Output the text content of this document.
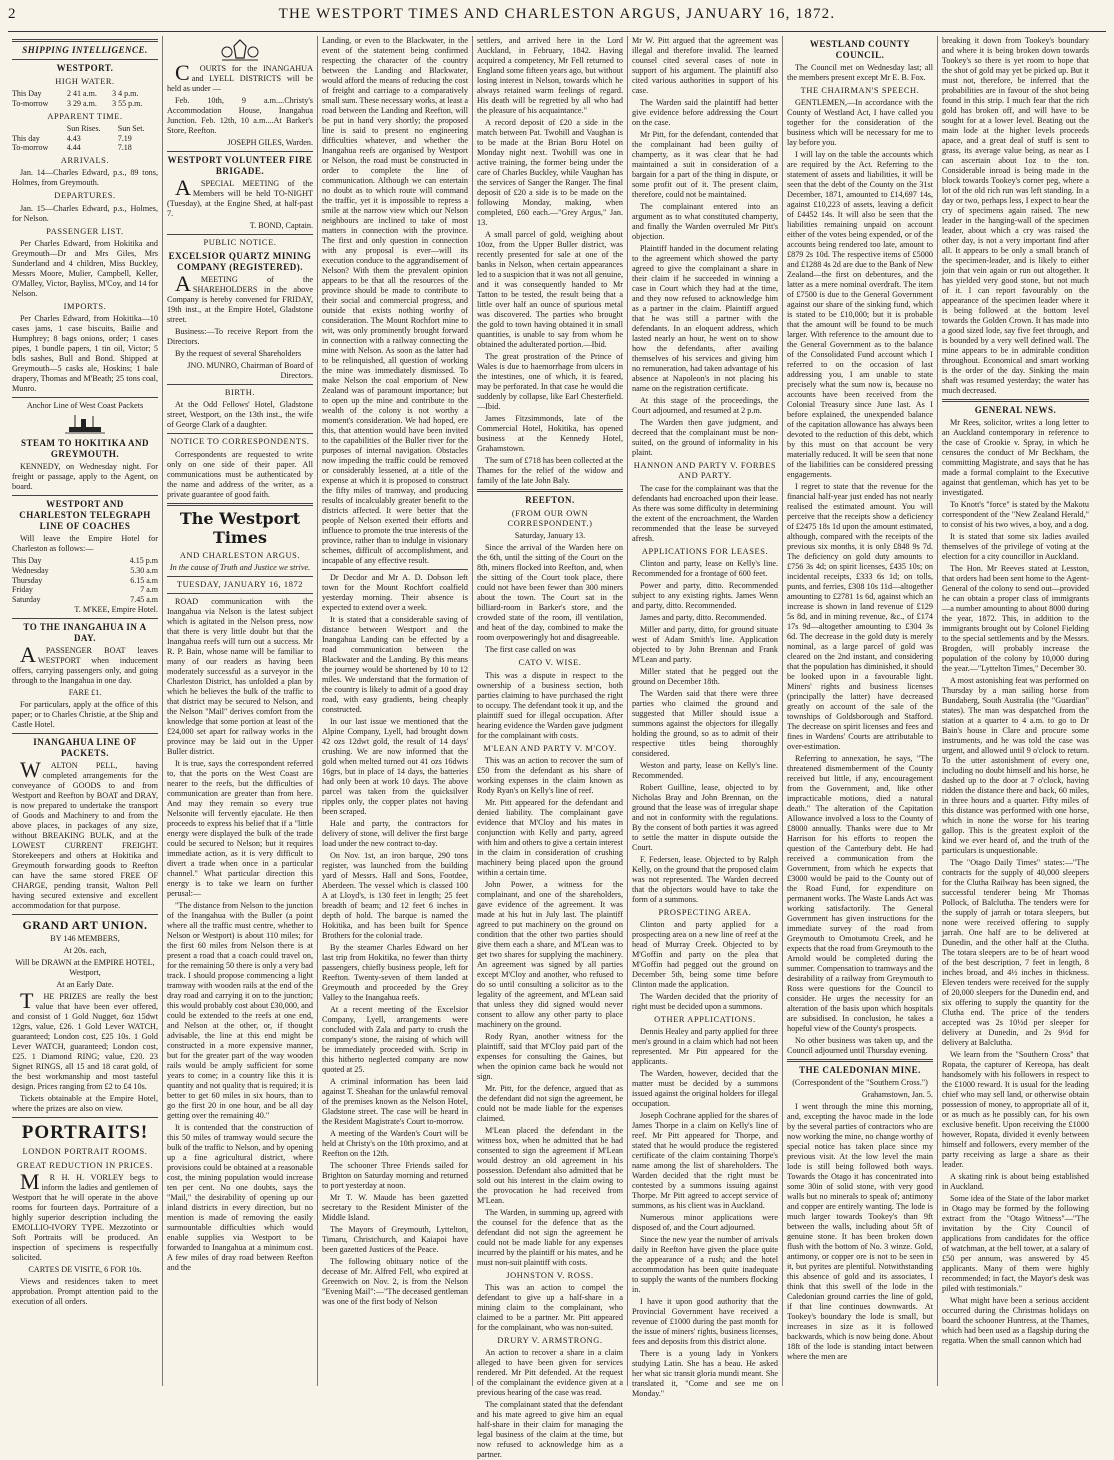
2	THE WESTPORT TIMES AND CHARLESTON ARGUS, JANUARY 16, 1872.
SHIPPING INTELLIGENCE.
WESTPORT.
HIGH WATER.
This Day	2 41 a.m.	3 4 p.m.
To-morrow	3 29 a.m.	3 55 p.m.
APPARENT TIME.
	Sun Rises.	Sun Set.
This day	4.43	7.19
To-morrow	4.44	7.18
ARRIVALS.

Jan. 14—Charles Edward, p.s., 89 tons, Holmes, from Greymouth.

DEPARTURES.

Jan. 15—Charles Edward, p.s., Holmes, for Nelson.

PASSENGER LIST.

Per Charles Edward, from Hokitika and Greymouth—Dr and Mrs Giles, Mrs Sunderland and 4 children, Miss Buckley, Messrs Moore, Mulier, Campbell, Keller, O'Malley, Victor, Bayliss, M'Coy, and 14 for Nelson.

IMPORTS.

Per Charles Edward, from Hokitika—10 cases jams, 1 case biscuits, Bailie and Humphrey; 8 bags onions, order; 1 cases pipes, 1 bundle papers, 1 tin oil, Victor; 5 bdls sashes, Bull and Bond. Shipped at Greymouth—5 casks ale, Hoskins; 1 bale drapery, Thomas and M'Beath; 25 tons coal, Munro.

Anchor Line of West Coast Packets

STEAM TO HOKITIKA AND GREYMOUTH.

KENNEDY, on Wednesday night. For freight or passage, apply to the Agent, on board.

WESTPORT AND CHARLESTON TELEGRAPH LINE OF COACHES

Will leave the Empire Hotel for Charleston as follows:—

This Day	4.15 p.m
Wednesday	5.30 a.m
Thursday	6.15 a.m
Friday	7 a.m
Saturday	7.45 a.m

T. M'KEE, Empire Hotel.

TO THE INANGAHUA IN A DAY.

APASSENGER BOAT leaves WESTPORT when inducement offers, carrying passengers only, and going through to the Inangahua in one day.

FARE £1.

For particulars, apply at the office of this paper; or to Charles Christie, at the Ship and Castle Hotel.

INANGAHUA LINE OF PACKETS.

WALTON PELL, having completed arrangements for the conveyance of GOODS to and from Westport and Reefton by BOAT and DRAY, is now prepared to undertake the transport of Goods and Machinery to and from the above places, in packages of any size, without BREAKING BULK, and at the LOWEST CURRENT FREIGHT. Storekeepers and others at Hokitika and Greymouth forwarding goods to Reefton can have the same stored FREE OF CHARGE, pending transit, Walton Pell having secured extensive and excellent accommodation for that purpose.

GRAND ART UNION.

BY 146 MEMBERS,

At 20s. each,

Will be DRAWN at the EMPIRE HOTEL, Westport,

At an Early Date.

THE PRIZES are really the best value that have been ever offered, and consist of 1 Gold Nugget, 6oz 15dwt 12grs, value, £26. 1 Gold Lever WATCH, guaranteed; London cost, £25 10s. 1 Gold Lever WATCH, guaranteed; London cost, £25. 1 Diamond RING; value, £20. 23 Signet RINGS, all 15 and 18 carat gold, of the best workmanship and most tasteful design. Prices ranging from £2 to £4 10s.

Tickets obtainable at the Empire Hotel, where the prizes are also on view.

PORTRAITS!
LONDON PORTRAIT ROOMS.
GREAT REDUCTION IN PRICES.

MR H. H. VORLEY begs to inform the ladies and gentlemen of Westport that he will operate in the above rooms for fourteen days. Portraiture of a highly superior description including the EMOLLIO-IVORY TYPE. Mezzotinto or Soft Portraits will be produced. An inspection of specimens is respectfully solicited.

CARTES DE VISITE, 6 FOR 10s.

Views and residences taken to meet approbation. Prompt attention paid to the execution of all orders.

COURTS for the INANGAHUA and LYELL DISTRICTS will be held as under —

Feb. 10th, 9 a.m....Christy's Accommodation House, Inangahua Junction. Feb. 12th, 10 a.m....At Barker's Store, Reefton.

JOSEPH GILES, Warden.

WESTPORT VOLUNTEER FIRE BRIGADE.

ASPECIAL MEETING of the Members will be held TO-NIGHT (Tuesday), at the Engine Shed, at half-past 7.

T. BOND, Captain.

PUBLIC NOTICE.
EXCELSIOR QUARTZ MINING COMPANY (REGISTERED).

AMEETING of the SHAREHOLDERS in the above Company is hereby convened for FRIDAY, 19th inst., at the Empire Hotel, Gladstone street.

Business:—To receive Report from the Directors.

By the request of several Shareholders

JNO. MUNRO, Chairman of Board of Directors.

BIRTH.

At the Odd Fellows' Hotel, Gladstone street, Westport, on the 13th inst., the wife of George Clark of a daughter.

NOTICE TO CORRESPONDENTS.

Correspondents are requested to write only on one side of their paper. All communications must be authenticated by the name and address of the writer, as a private guarantee of good faith.

The Westport Times
AND CHARLESTON ARGUS.

In the cause of Truth and Justice we strive.

TUESDAY, JANUARY 16, 1872

ROAD communication with the Inangahua via Nelson is the latest subject which is agitated in the Nelson press, now that there is very little doubt but that the Inangahua reefs will turn out a success. Mr R. P. Bain, whose name will be familiar to many of our readers as having been moderately successful as a surveyor in the Charleston District, has unfolded a plan by which he believes the bulk of the traffic to that district may be secured to Nelson, and the Nelson "Mail" derives comfort from the knowledge that some portion at least of the £24,000 set apart for railway works in the province may be laid out in the Upper Buller district.

It is true, says the correspondent referred to, that the ports on the West Coast are nearer to the reefs, but the difficulties of communication are greater than from here. And may they remain so every true Nelsonite will fervently ejaculate. He then proceeds to express his belief that if a "little energy were displayed the bulk of the trade could be secured to Nelson; but it requires immediate action, as it is very difficult to divert a trade when once in a particular channel." What particular direction this energy is to take we learn on further perusal:—

"The distance from Nelson to the junction of the Inangahua with the Buller (a point where all the traffic must centre, whether to Nelson or Westport) is about 110 miles; for the first 60 miles from Nelson there is at present a road that a coach could travel on, for the remaining 50 there is only a very bad track. I should propose commencing a light tramway with wooden rails at the end of the dray road and carrying it on to the junction; this would probably cost about £30,000, and could be extended to the reefs at one end, and Nelson at the other, or, if thought advisable, the line at this end might be constructed in a more expensive manner, but for the greater part of the way wooden rails would be amply sufficient for some years to come; in a country like this it is quantity and not quality that is required; it is better to get 60 miles in six hours, than to go the first 20 in one hour, and be all day getting over the remaining 40."

It is contended that the construction of this 50 miles of tramway would secure the bulk of the traffic to Nelson, and by opening up a fine agricultural district, where provisions could be obtained at a reasonable cost, the mining population would increase ten per cent. No one doubts, says the "Mail," the desirability of opening up our inland districts in every direction, but no mention is made of removing the easily surmountable difficulties which would enable supplies via Westport to be forwarded to Inangahua at a minimum cost. A few miles of dray road between Reefton and the

Landing, or even to the Blackwater, in the event of the statement being confirmed respecting the character of the country between the Landing and Blackwater, would afford the means of reducing the cost of freight and carriage to a comparatively small sum. These necessary works, at least a road between the Landing and Reefton, will be put in hand very shortly; the proposed line is said to present no engineering difficulties whatever, and whether the Inangahua reefs are organised by Westport or Nelson, the road must be constructed in order to complete the line of communication. Although we can entertain no doubt as to which route will command the traffic, yet it is impossible to repress a smile at the narrow view which our Nelson neighbours are inclined to take of most matters in connection with the province. The first and only question in connection with any proposal is ever—will its execution conduce to the aggrandisement of Nelson? With them the prevalent opinion appears to be that all the resources of the province should be made to contribute to their social and commercial progress, and outside that exists nothing worthy of consideration. The Mount Rochfort mine to wit, was only prominently brought forward in connection with a railway connecting the mine with Nelson. As soon as the latter had to be relinquished, all question of working the mine was immediately dismissed. To make Nelson the coal emporium of New Zealand was of paramount importance; but to open up the mine and contribute to the wealth of the colony is not worthy a moment's consideration. We had hoped, ere this, that attention would have been invited to the capabilities of the Buller river for the purposes of internal navigation. Obstacles now impeding the traffic could be removed or considerably lessened, at a title of the expense at which it is proposed to construct the fifty miles of tramway, and producing results of incalculably greater benefit to the districts affected. It were better that the people of Nelson exerted their efforts and influence to promote the true interests of the province, rather than to indulge in visionary schemes, difficult of accomplishment, and incapable of any effective result.

Dr Decdor and Mr A. D. Dobson left town for the Mount Rochfort coalfield yesterday morning. Their absence is expected to extend over a week.

It is stated that a considerable saving of distance between Westport and the Inangahua Landing can be effected by a road communication between the Blackwater and the Landing. By this means the journey would be shortened by 10 to 12 miles. We understand that the formation of the country is likely to admit of a good dray road, with easy gradients, being cheaply constructed.

In our last issue we mentioned that the Alpine Company, Lyell, had brought down 42 ozs 12dwt gold, the result of 14 days' crushing. We are now informed that the gold when melted turned out 41 ozs 16dwts 16grs, but in place of 14 days, the batteries had only been at work 10 days. The above parcel was taken from the quicksilver ripples only, the copper plates not having been scraped.

Hale and party, the contractors for delivery of stone, will deliver the first barge load under the new contract to-day.

On Nov. 1st, an iron barque, 290 tons register, was launched from the building yard of Messrs. Hall and Sons, Footdee, Aberdeen. The vessel which is classed 100 A at Lloyd's, is 130 feet in length; 25 feet breadth of beam; and 12 feet 6 inches in depth of hold. The barque is named the Hokitika, and has been built for Spence Brothers for the colonial trade.

By the steamer Charles Edward on her last trip from Hokitika, no fewer than thirty passengers, chiefly business people, left for Reefton. Twenty-seven of them landed at Greymouth and proceeded by the Grey Valley to the Inangahua reefs.

At a recent meeting of the Excelsior Company, Lyell, arrangements were concluded with Zala and party to crush the company's stone, the raising of which will be immediately proceeded with. Scrip in this hitherto neglected company are now quoted at 25.

A criminal information has been laid against T. Sheahan for the unlawful removal of the premises known as the Nelson Hotel, Gladstone street. The case will be heard in the Resident Magistrate's Court to-morrow.

A meeting of the Warden's Court will be held at Christy's on the 10th proximo, and at Reefton on the 12th.

The schooner Three Friends sailed for Brighton on Saturday morning and returned to port yesterday at noon.

Mr T. W. Maude has been gazetted secretary to the Resident Minister of the Middle Island.

The Mayors of Greymouth, Lyttelton, Timaru, Christchurch, and Kaiapoi have been gazetted Justices of the Peace.

The following obituary notice of the decease of Mr. Alfred Fell, who expired at Greenwich on Nov. 2, is from the Nelson "Evening Mail":—"The deceased gentleman was one of the first body of Nelson

settlers, and arrived here in the Lord Auckland, in February, 1842. Having acquired a competency, Mr Fell returned to England some fifteen years ago, but without losing interest in Nelson, towards which he always retained warm feelings of regard. His death will be regretted by all who had the pleasure of his acquaintance."

A record deposit of £20 a side in the match between Pat. Twohill and Vaughan is to be made at the Brian Boru Hotel on Monday night next. Twohill was one in active training, the former being under the care of Charles Buckley, while Vaughan has the services of Sanger the Ranger. The final deposit of £20 a side is to be made on the following Monday, making, when completed, £60 each.—"Grey Argus," Jan. 13.

A small parcel of gold, weighing about 10oz, from the Upper Buller district, was recently presented for sale at one of the banks in Nelson, when certain appearances led to a suspicion that it was not all genuine, and it was consequently handed to Mr Tatton to be tested, the result being that a little over half an ounce of spurious metal was discovered. The parties who brought the gold to town having obtained it in small quantities, is unable to say from whom he obtained the adulterated portion.—Ibid.

The great prostration of the Prince of Wales is due to haemorrhage from ulcers in the intestines, one of which, it is feared, may be perforated. In that case he would die suddenly by collapse, like Earl Chesterfield.—Ibid.

James Fitzsimmonds, late of the Commercial Hotel, Hokitika, has opened business at the Kennedy Hotel, Grahamstown.

The sum of £718 has been collected at the Thames for the relief of the widow and family of the late John Baly.

REEFTON.
(FROM OUR OWN CORRESPONDENT.)

Saturday, January 13.

Since the arrival of the Warden here on the 6th, until the sitting of the Court on the 8th, miners flocked into Reefton, and, when the sitting of the Court took place, there could not have been fewer than 300 miners about the town. The Court sat in the billiard-room in Barker's store, and the crowded state of the room, ill ventilation, and heat of the day, combined to make the room overpoweringly hot and disagreeable.

The first case called on was

CATO V. WISE.

This was a dispute in respect to the ownership of a business section, both parties claiming to have purchased the right to occupy. The defendant took it up, and the plaintiff sued for illegal occupation. After hearing evidence the Warden gave judgment for the complainant with costs.

M'LEAN AND PARTY V. M'COY.

This was an action to recover the sum of £50 from the defendant as his share of working expenses in the claim known as Rody Ryan's on Kelly's line of reef.

Mr. Pitt appeared for the defendant and denied liability. The complainant gave evidence that M'Cloy and his mates in conjunction with Kelly and party, agreed with him and others to give a certain interest in the claim in consideration of crushing machinery being placed upon the ground within a certain time.

John Power, a witness for the complainant, and one of the shareholders, gave evidence of the agreement. It was made at his hut in July last. The plaintiff agreed to put machinery on the ground on condition that the other two parties should give them each a share, and M'Lean was to get two shares for supplying the machinery. An agreement was signed by all parties except M'Cloy and another, who refused to do so until consulting a solicitor as to the legality of the agreement, and M'Lean said that unless they did signed would never consent to allow any other party to place machinery on the ground.

Rody Ryan, another witness for the plaintiff, said that M'Cloy paid part of the expenses for consulting the Gaines, but when the opinion came back he would not sign.

Mr. Pitt, for the defence, argued that as the defendant did not sign the agreement, he could not be made liable for the expenses claimed.

M'Lean placed the defendant in the witness box, when he admitted that he had consented to sign the agreement if M'Lean would destroy an old agreement in his possession. Defendant also admitted that he sold out his interest in the claim owing to the provocation he had received from M'Lean.

The Warden, in summing up, agreed with the counsel for the defence that as the defendant did not sign the agreement he could not be made liable for any expenses incurred by the plaintiff or his mates, and he must non-suit plaintiff with costs.

JOHNSTON V. ROSS.

This was an action to compel the defendant to give up a half-share in a mining claim to the complainant, who claimed to be a partner. Mr. Pitt appeared for the complainant, who was non-suited.

DRURY V. ARMSTRONG.

An action to recover a share in a claim alleged to have been given for services rendered. Mr Pitt defended. At the request of the complainant the evidence given at a previous hearing of the case was read.

The complainant stated that the defendant and his mate agreed to give him an equal half-share in their claim for managing the legal business of the claim at the time, but now refused to acknowledge him as a partner.

Mr W. Pitt argued that the agreement was illegal and therefore invalid. The learned counsel cited several cases of note in support of his argument. The plaintiff also cited various authorities in support of his case.

The Warden said the plaintiff had better give evidence before addressing the Court on the case.

Mr Pitt, for the defendant, contended that the complainant had been guilty of champerty, as it was clear that he had maintained a suit in consideration of a bargain for a part of the thing in dispute, or some profit out of it. The present claim, therefore, could not be maintained.

The complainant entered into an argument as to what constituted champerty, and finally the Warden overruled Mr Pitt's objection.

Plaintiff handed in the document relating to the agreement which showed the party agreed to give the complainant a share in their claim if he succeeded in winning a case in Court which they had at the time, and they now refused to acknowledge him as a partner in the claim. Plaintiff argued that he was still a partner with the defendants. In an eloquent address, which lasted nearly an hour, he went on to show how the defendants, after availing themselves of his services and giving him no remuneration, had taken advantage of his absence at Napoleon's in not placing his name on the registration certificate.

At this stage of the proceedings, the Court adjourned, and resumed at 2 p.m.

The Warden then gave judgment, and decreed that the complainant must be non-suited, on the ground of informality in his plaint.

HANNON AND PARTY V. FORBES AND PARTY.

The case for the complainant was that the defendants had encroached upon their lease. As there was some difficulty in determining the extent of the encroachment, the Warden recommended that the lease be surveyed afresh.

APPLICATIONS FOR LEASES.

Clinton and party, lease on Kelly's line. Recommended for a frontage of 600 feet.

Power and party, ditto. Recommended subject to any existing rights. James Wenn and party, ditto. Recommended.

James and party, ditto. Recommended.

Miller and party, ditto, for ground situate west of Adam Smith's line. Application objected to by John Brennan and Frank M'Lean and party.

Miller stated that he pegged out the ground on December 18th.

The Warden said that there were three parties who claimed the ground and suggested that Miller should issue a summons against the objectors for illegally holding the ground, so as to admit of their respective titles being thoroughly considered.

Weston and party, lease on Kelly's line. Recommended.

Robert Guilline, lease, objected to by Nicholas Bray and John Brennan, on the ground that the lease was of irregular shape and not in conformity with the regulations. By the consent of both parties it was agreed to settle the matter in dispute outside the Court.

F. Federsen, lease. Objected to by Ralph Kelly, on the ground that the proposed claim was not represented. The Warden decreed that the objectors would have to take the form of a summons.

PROSPECTING AREA.

Clinton and party applied for a prospecting area on a new line of reef at the head of Murray Creek. Objected to by M'Goffin and party on the plea that M'Goffin had pegged out the ground on December 5th, being some time before Clinton made the application.

The Warden decided that the priority of right must be decided upon a summons.

OTHER APPLICATIONS.

Dennis Healey and party applied for three men's ground in a claim which had not been represented. Mr Pitt appeared for the applicants.

The Warden, however, decided that the matter must be decided by a summons issued against the original holders for illegal occupation.

Joseph Cochrane applied for the shares of James Thorpe in a claim on Kelly's line of reef. Mr Pitt appeared for Thorpe, and stated that he would produce the registered certificate of the claim containing Thorpe's name among the list of shareholders. The Warden decided that the right must be contested by a summons issuing against Thorpe. Mr Pitt agreed to accept service of summons, as his client was in Auckland.

Numerous minor applications were disposed of, and the Court adjourned.

Since the new year the number of arrivals daily in Reefton have given the place quite the appearance of a rush; and the hotel accommodation has been quite inadequate to supply the wants of the numbers flocking in.

I have it upon good authority that the Provincial Government have received a revenue of £1000 during the past month for the issue of miners' rights, business licenses, fees and deposits from this district alone.

There is a young lady in Yonkers studying Latin. She has a beau. He asked her what sic transit gloria mundi meant. She translated it, "Come and see me on Monday."

WESTLAND COUNTY COUNCIL.

The Council met on Wednesday last; all the members present except Mr E. B. Fox.

THE CHAIRMAN'S SPEECH.

GENTLEMEN,—In accordance with the County of Westland Act, I have called you together for the consideration of the business which will be necessary for me to lay before you.

I will lay on the table the accounts which are required by the Act. Referring to the statement of assets and liabilities, it will be seen that the debt of the County on the 31st December, 1871, amounted to £14,697 14s, against £10,223 of assets, leaving a deficit of £4452 14s. It will also be seen that the liabilities remaining unpaid on account either of the votes being expended, or of the accounts being rendered too late, amount to £879 2s 10d. The respective items of £5000 and £1288 4s 2d are due to the Bank of New Zealand—the first on debentures, and the latter as a mere nominal overdraft. The item of £7500 is due to the General Government against our share of the sinking fund, which is stated to be £10,000; but it is probable that the amount will be found to be much larger. With reference to the amount due to the General Government as to the balance of the Consolidated Fund account which I referred to on the occasion of last addressing you, I am unable to state precisely what the sum now is, because no accounts have been received from the Colonial Treasury since June last. As I before explained, the unexpended balance of the capitation allowance has always been devoted to the reduction of this debt, which by this must on that account be very materially reduced. It will be seen that none of the liabilities can be considered pressing engagements.

I regret to state that the revenue for the financial half-year just ended has not nearly realised the estimated amount. You will perceive that the receipts show a deficiency of £2475 18s 1d upon the amount estimated, although, compared with the receipts of the previous six months, it is only £848 9s 7d. The deficiency on gold duty amounts to £756 3s 4d; on spirit licenses, £435 10s; on incidental receipts, £333 6s 1d; on tolls, punts, and ferries, £308 10s 11d—altogether amounting to £2781 1s 6d, against which an increase is shown in land revenue of £129 5s 8d, and in mining revenue, &c., of £174 17s 9d—altogether amounting to £304 3s 6d. The decrease in the gold duty is merely nominal, as a large parcel of gold was cleared on the 2nd instant, and considering that the population has diminished, it should be looked upon in a favourable light. Miners' rights and business licenses (principally the latter) have decreased greatly on account of the sale of the townships of Goldsborough and Stafford. The decrease on spirit licenses and fees and fines in Wardens' Courts are attributable to over-estimation.

Referring to annexation, he says, "The threatened dismemberment of the County received but little, if any, encouragement from the Government, and, like other impracticable motions, died a natural death." The alteration of the Capitation Allowance involved a loss to the County of £8000 annually. Thanks were due to Mr Harrison for his efforts to reopen the question of the Canterbury debt. He had received a communication from the Government, from which he expects that £3000 would be paid to the County out of the Road Fund, for expenditure on permanent works. The Waste Lands Act was working satisfactorily. The General Government has given instructions for the immediate survey of the road from Greymouth to Omotumotu Creek, and he expects that the road from Greymouth to the Arnold would be completed during the summer. Compensation to tramways and the desirability of a railway from Greymouth to Ross were questions for the Council to consider. He urges the necessity for an alteration of the basis upon which hospitals are subsidised. In conclusion, he takes a hopeful view of the County's prospects.

No other business was taken up, and the Council adjourned until Thursday evening.

THE CALEDONIAN MINE.

(Correspondent of the "Southern Cross.")

Grahamstown, Jan. 5.

I went through the mine this morning, and, excepting the havoc made in the lode by the several parties of contractors who are now working the mine, no change worthy of special notice has taken place since my previous visit. At the low level the main lode is still being followed both ways. Towards the Otago it has concentrated into some 30in of solid stone, with very good walls but no minerals to speak of; antimony and copper are entirely wanting. The lode is much larger towards Tookey's than 9ft between the walls, including about 5ft of genuine stone. It has been broken down flush with the bottom of No. 3 winze. Gold, antimony, or copper ore is not to be seen in it, but pyrites are plentiful. Notwithstanding this absence of gold and its associates, I think that this swell of the lode in the Caledonian ground carries the line of gold, if that line continues downwards. At Tookey's boundary the lode is small, but increases in size as it is followed backwards, which is now being done. About 18ft of the lode is standing intact between where the men are

breaking it down from Tookey's boundary and where it is being broken down towards Tookey's so there is yet room to hope that the shot of gold may yet be picked up. But it must not, therefore, be inferred that the probabilities are in favour of the shot being found in this strip. I much fear that the rich gold has broken off, and will have to be sought for at a lower level. Beating out the main lode at the higher levels proceeds apace, and a great deal of stuff is sent to grass, its average value being, as near as I can ascertain about 1oz to the ton. Considerable inroad is being made in the block towards Tookey's corner peg, where a lot of the old rich run was left standing. In a day or two, perhaps less, I expect to hear the cry of specimens again raised. The new leader in the hanging-wall of the specimen leader, about which a cry was raised the other day, is not a very important find after all. It appears to be only a small branch of the specimen-leader, and is likely to either join that vein again or run out altogether. It has yielded very good stone, but not much of it. I can report favourably on the appearance of the specimen leader where it is being followed at the bottom level towards the Golden Crown. It has made into a good sized lode, say five feet through, and is bounded by a very well defined wall. The mine appears to be in admirable condition throughout. Economical and smart working is the order of the day. Sinking the main shaft was resumed yesterday; the water has much decreased.

GENERAL NEWS.

Mr Rees, solicitor, writes a long letter to an Auckland contemporary in reference to the case of Crookie v. Spray, in which he censures the conduct of Mr Beckham, the committing Magistrate, and says that he has made a formal complaint to the Executive against that gentleman, which has yet to be investigated.

To Knott's "force" is stated by the Makotu correspondent of the "New Zealand Herald," to consist of his two wives, a boy, and a dog.

It is stated that some six ladies availed themselves of the privilege of voting at the election for a city councillor in Auckland.

The Hon. Mr Reeves stated at Lesston, that orders had been sent home to the Agent-General of the colony to send out—provided he can obtain a proper class of immigrants—a number amounting to about 8000 during the year, 1872. This, in addition to the immigrants brought out by Colonel Fielding to the special settlements and by the Messrs. Brogden, will probably increase the population of the colony by 10,000 during the year.—"Lyttelton Times," December 30.

A most astonishing feat was performed on Thursday by a man sailing horse from Bundaberg, South Australia (the "Guardian" states). The man was despatched from the station at a quarter to 4 a.m. to go to Dr Bain's house in Clare and procure some instruments, and he was told the case was urgent, and allowed until 9 o'clock to return. To the utter astonishment of every one, including no doubt himself and his horse, he dashed up to the door at 7 o'clock, having ridden the distance there and back, 60 miles, in three hours and a quarter. Fifty miles of this distance was performed with one horse, which in none the worse for his tearing gallop. This is the greatest exploit of the kind we ever heard of, and the truth of the particulars is unquestionable.

The "Otago Daily Times" states:—"The contracts for the supply of 40,000 sleepers for the Clutha Railway has been signed, the successful tenderer being Mr Thomas Pollock, of Balclutha. The tenders were for the supply of jarrah or totara sleepers, but none were received offering to supply jarrah. One half are to be delivered at Dunedin, and the other half at the Clutha. The totara sleepers are to be of heart wood of the best description, 7 feet in length, 8 inches broad, and 4½ inches in thickness. Eleven tenders were received for the supply of 20,000 sleepers for the Dunedin end, and six offering to supply the quantity for the Clutha end. The price of the tenders accepted was 2s 10½d per sleeper for delivery at Dunedin, and 2s 9½d for delivery at Balclutha.

We learn from the "Southern Cross" that Ropata, the capturer of Kereopa, has dealt handsomely with his followers in respect to the £1000 reward. It is usual for the leading chief who may sell land, or otherwise obtain possession of money, to appropriate all of it, or as much as he possibly can, for his own exclusive benefit. Upon receiving the £1000 however, Ropata, divided it evenly between himself and followers, every member of the party receiving as large a share as their leader.

A skating rink is about being established in Auckland.

Some idea of the State of the labor market in Otago may be formed by the following extract from the "Otago Witness"—"The invitation by the City Council of applications from candidates for the office of watchman, at the bell tower, at a salary of £50 per annum, was answered by 45 applicants. Many of them were highly recommended; in fact, the Mayor's desk was piled with testimonials."

What might have been a serious accident occurred during the Christmas holidays on board the schooner Huntress, at the Thames, which had been used as a flagship during the regatta. When the small cannon which had
